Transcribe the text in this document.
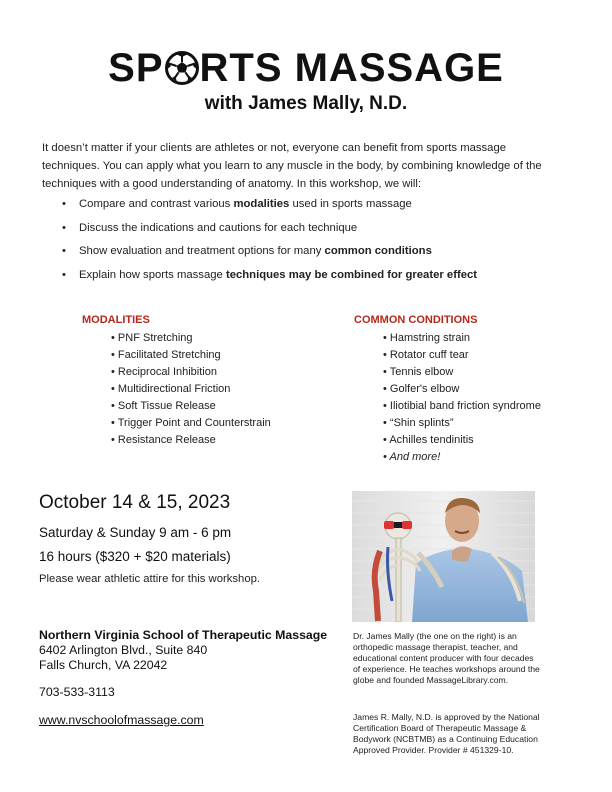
SP RTS MASSAGE
with James Mally, N.D.
It doesn’t matter if your clients are athletes or not, everyone can benefit from sports massage techniques. You can apply what you learn to any muscle in the body, by combining knowledge of the techniques with a good understanding of anatomy. In this workshop, we will:
• Compare and contrast various modalities used in sports massage
• Discuss the indications and cautions for each technique
• Show evaluation and treatment options for many common conditions
• Explain how sports massage techniques may be combined for greater effect
MODALITIES
• PNF Stretching
• Facilitated Stretching
• Reciprocal Inhibition
• Multidirectional Friction
• Soft Tissue Release
• Trigger Point and Counterstrain
• Resistance Release
COMMON CONDITIONS
• Hamstring strain
• Rotator cuff tear
• Tennis elbow
• Golfer's elbow
• Iliotibial band friction syndrome
• “Shin splints”
• Achilles tendinitis
• And more!
October 14 & 15, 2023
Saturday & Sunday 9 am - 6 pm
16 hours ($320 + $20 materials)
Please wear athletic attire for this workshop.
Northern Virginia School of Therapeutic Massage
6402 Arlington Blvd., Suite 840
Falls Church, VA 22042
703-533-3113
www.nvschoolofmassage.com
Dr. James Mally (the one on the right) is an orthopedic massage therapist, teacher, and educational content producer with four decades of experience. He teaches workshops around the globe and founded MassageLibrary.com.
James R. Mally, N.D. is approved by the National Certification Board of Therapeutic Massage & Bodywork (NCBTMB) as a Continuing Education Approved Provider. Provider # 451329-10.
